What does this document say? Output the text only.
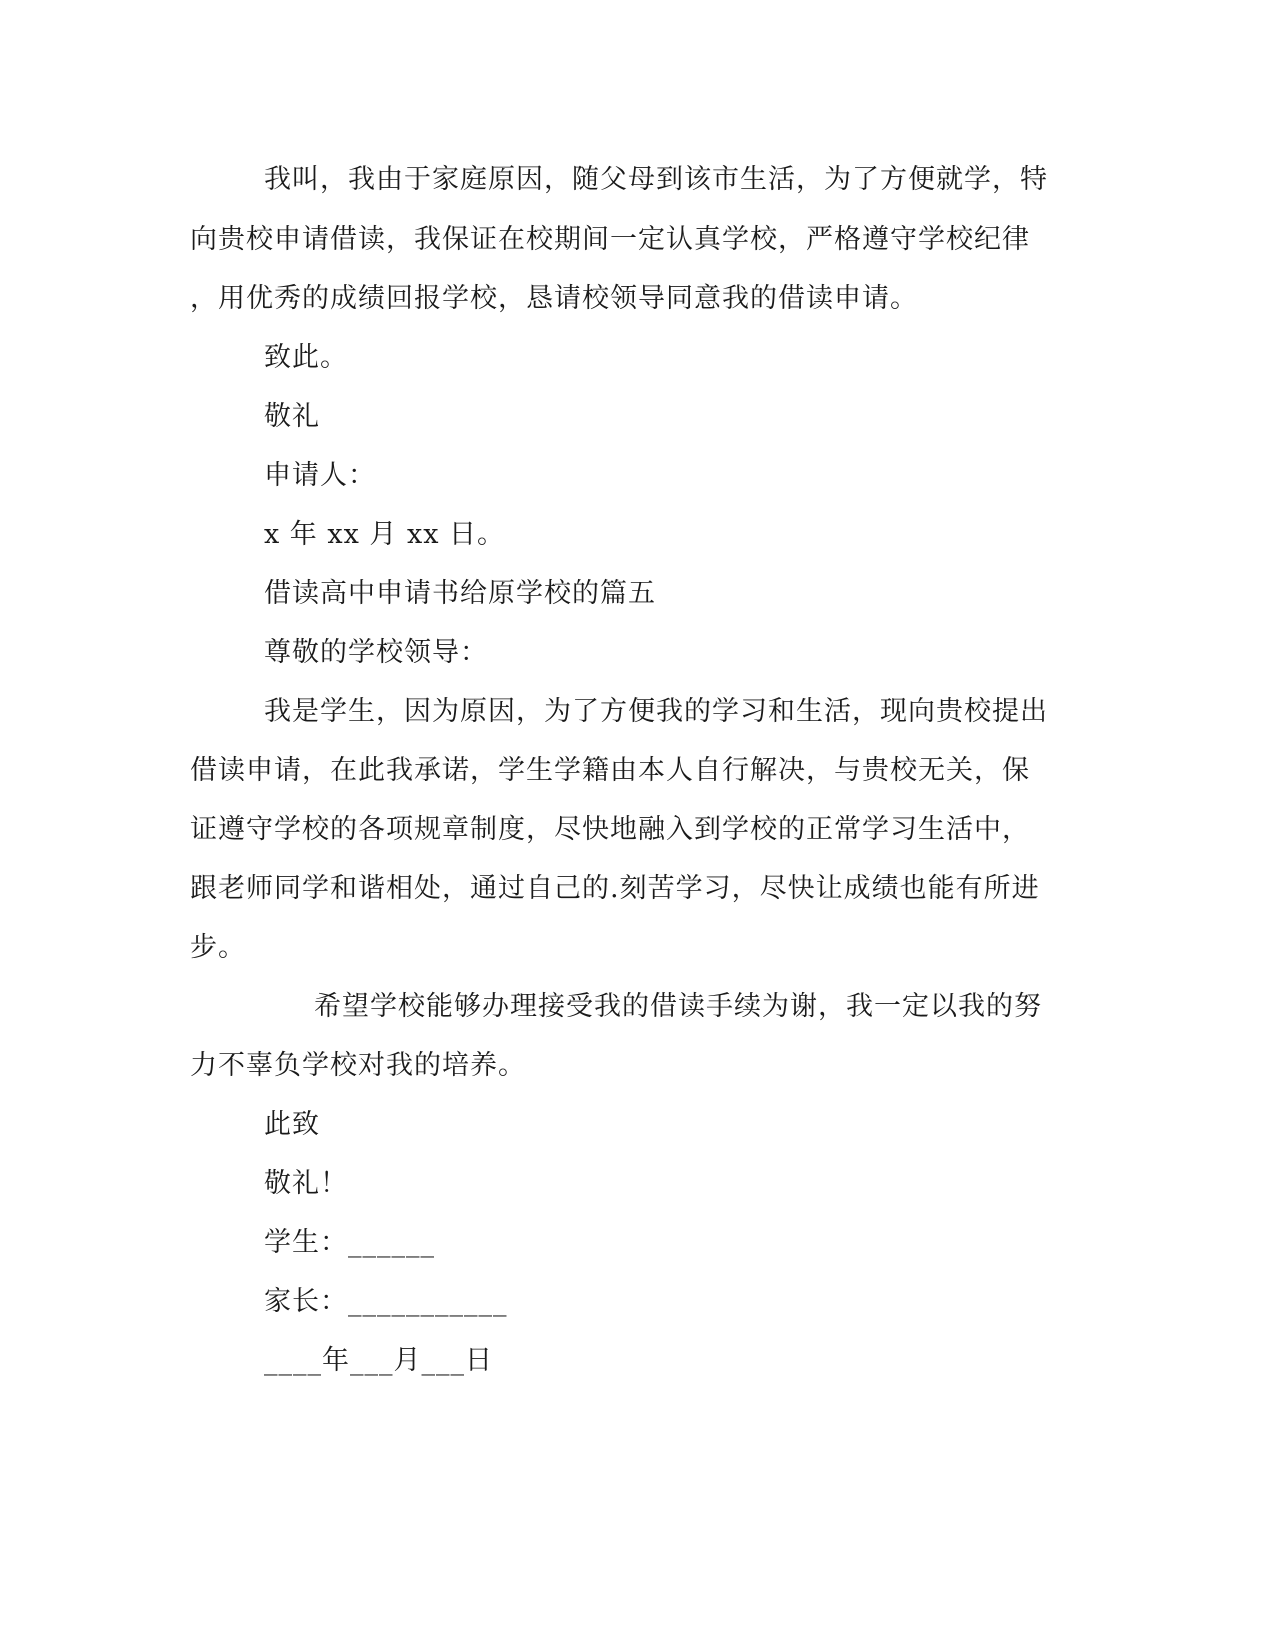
我叫，我由于家庭原因，随父母到该市生活，为了方便就学，特
向贵校申请借读，我保证在校期间一定认真学校，严格遵守学校纪律
，用优秀的成绩回报学校，恳请校领导同意我的借读申请。
致此。
敬礼
申请人：
x 年 xx 月 xx 日。
借读高中申请书给原学校的篇五
尊敬的学校领导：
我是学生，因为原因，为了方便我的学习和生活，现向贵校提出
借读申请，在此我承诺，学生学籍由本人自行解决，与贵校无关，保
证遵守学校的各项规章制度，尽快地融入到学校的正常学习生活中，
跟老师同学和谐相处，通过自己的.刻苦学习，尽快让成绩也能有所进
步。
希望学校能够办理接受我的借读手续为谢，我一定以我的努
力不辜负学校对我的培养。
此致
敬礼！
学生：______
家长：___________
____年___月___日
